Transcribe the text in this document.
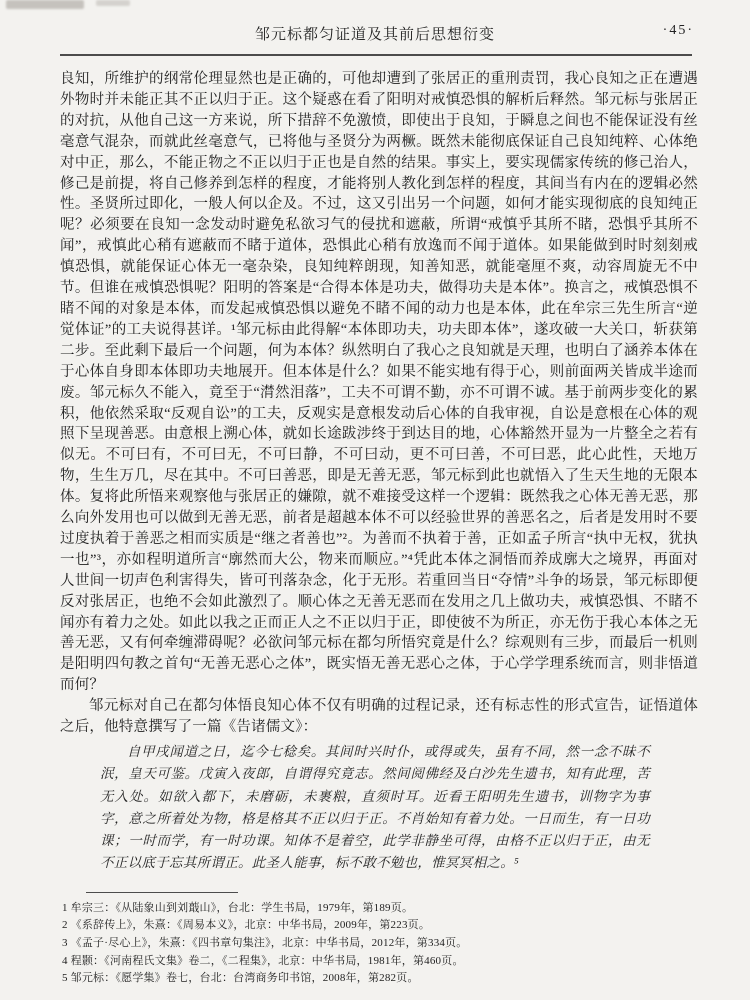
邹元标都匀证道及其前后思想衍变	·45·

良知，所维护的纲常伦理显然也是正确的，可他却遭到了张居正的重刑责罚，我心良知之正在遭遇外物时并未能正其不正以归于正。这个疑惑在看了阳明对戒慎恐惧的解析后释然。邹元标与张居正的对抗，从他自己这一方来说，所下措辞不免激愤，即使出于良知，于瞬息之间也不能保证没有丝毫意气混杂，而就此丝毫意气，已将他与圣贤分为两橛。既然未能彻底保证自己良知纯粹、心体绝对中正，那么，不能正物之不正以归于正也是自然的结果。事实上，要实现儒家传统的修己治人，修己是前提，将自己修养到怎样的程度，才能将别人教化到怎样的程度，其间当有内在的逻辑必然性。圣贤所过即化，一般人何以企及。不过，这又引出另一个问题，如何才能实现彻底的良知纯正呢？必须要在良知一念发动时避免私欲习气的侵扰和遮蔽，所谓“戒慎乎其所不睹，恐惧乎其所不闻”，戒慎此心稍有遮蔽而不睹于道体，恐惧此心稍有放逸而不闻于道体。如果能做到时时刻刻戒慎恐惧，就能保证心体无一毫杂染，良知纯粹朗现，知善知恶，就能毫厘不爽，动容周旋无不中节。但谁在戒慎恐惧呢？阳明的答案是“合得本体是功夫，做得功夫是本体”。换言之，戒慎恐惧不睹不闻的对象是本体，而发起戒慎恐惧以避免不睹不闻的动力也是本体，此在牟宗三先生所言“逆觉体证”的工夫说得甚详。¹邹元标由此得解“本体即功夫，功夫即本体”，遂攻破一大关口，斩获第二步。至此剩下最后一个问题，何为本体？纵然明白了我心之良知就是天理，也明白了涵养本体在于心体自身即本体即功夫地展开。但本体是什么？如果不能实地有得于心，则前面两关皆成半途而废。邹元标久不能入，竟至于“潸然泪落”，工夫不可谓不勤，亦不可谓不诚。基于前两步变化的累积，他依然采取“反观自讼”的工夫，反观实是意根发动后心体的自我审视，自讼是意根在心体的观照下呈现善恶。由意根上溯心体，就如长途跋涉终于到达目的地，心体豁然开显为一片整全之若有似无。不可曰有，不可曰无，不可曰静，不可曰动，更不可曰善，不可曰恶，此心此性，天地万物，生生万几，尽在其中。不可曰善恶，即是无善无恶，邹元标到此也就悟入了生天生地的无限本体。复将此所悟来观察他与张居正的嫌隙，就不难接受这样一个逻辑：既然我之心体无善无恶，那么向外发用也可以做到无善无恶，前者是超越本体不可以经验世界的善恶名之，后者是发用时不要过度执着于善恶之相而实质是“继之者善也”²。为善而不执着于善，正如孟子所言“执中无权，犹执一也”³，亦如程明道所言“廓然而大公，物来而顺应。”⁴凭此本体之洞悟而养成廓大之境界，再面对人世间一切声色利害得失，皆可刊落杂念，化于无形。若重回当日“夺情”斗争的场景，邹元标即便反对张居正，也绝不会如此激烈了。顺心体之无善无恶而在发用之几上做功夫，戒慎恐惧、不睹不闻亦有着力之处。如此以我之正而正人之不正以归于正，即使彼不为所正，亦无伤于我心本体之无善无恶，又有何牵缠滞碍呢？必欲问邹元标在都匀所悟究竟是什么？综观则有三步，而最后一机则是阳明四句教之首句“无善无恶心之体”，既实悟无善无恶心之体，于心学学理系统而言，则非悟道而何？

邹元标对自己在都匀体悟良知心体不仅有明确的过程记录，还有标志性的形式宣告，证悟道体之后，他特意撰写了一篇《告诸儒文》：

自甲戌闻道之日，迄今七稔矣。其间时兴时仆，或得或失，虽有不同，然一念不昧不泯，皇天可鉴。戊寅入夜郎，自谓得究竟志。然间阅佛经及白沙先生遗书，知有此理，苦无入处。如欲入都下，未磨砺，未裹粮，直须时耳。近看王阳明先生遗书，训物字为事字，意之所着处为物，格是格其不正以归于正。不肖始知有着力处。一日而生，有一日功课；一时而学，有一时功课。知体不是着空，此学非静坐可得，由格不正以归于正，由无不正以底于忘其所谓正。此圣人能事，标不敢不勉也，惟冥冥相之。⁵
1 牟宗三：《从陆象山到刘蕺山》，台北：学生书局，1979年，第189页。
2 《系辞传上》，朱熹：《周易本义》，北京：中华书局，2009年，第223页。
3 《孟子·尽心上》，朱熹：《四书章句集注》，北京：中华书局，2012年，第334页。
4 程颢：《河南程氏文集》卷二，《二程集》，北京：中华书局，1981年，第460页。
5 邹元标：《愿学集》卷七，台北：台湾商务印书馆，2008年，第282页。
